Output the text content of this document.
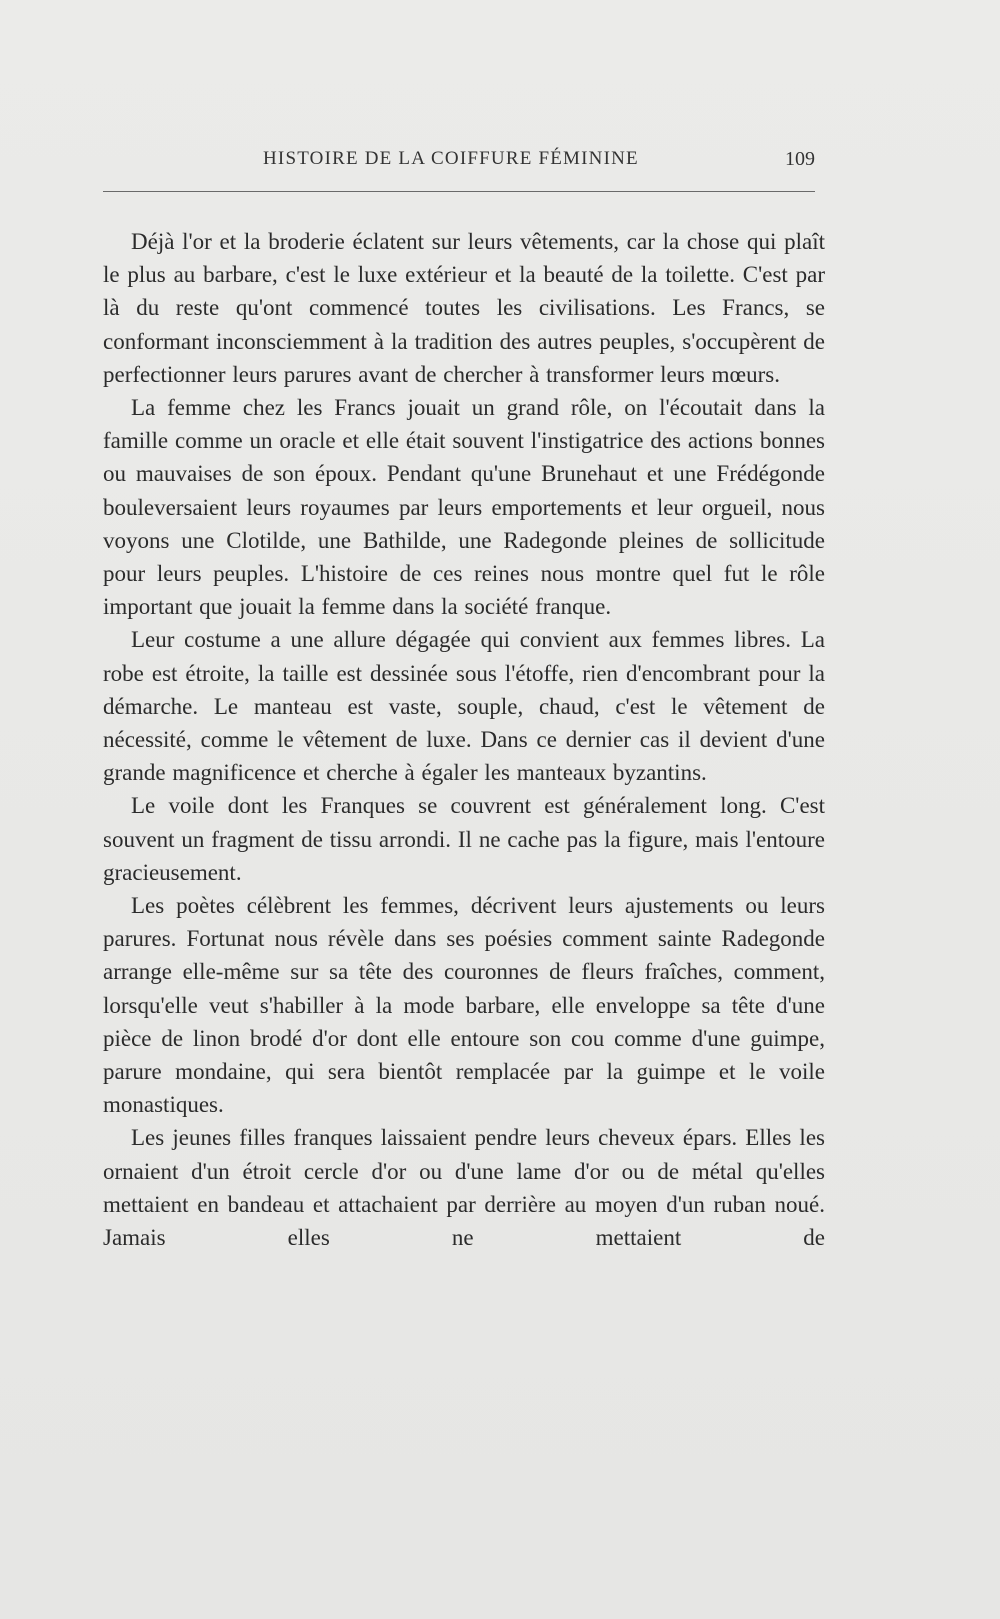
HISTOIRE DE LA COIFFURE FÉMININE	109

Déjà l'or et la broderie éclatent sur leurs vêtements, car la chose qui plaît le plus au barbare, c'est le luxe extérieur et la beauté de la toilette. C'est par là du reste qu'ont commencé toutes les civilisations. Les Francs, se conformant inconsciemment à la tradition des autres peuples, s'occupèrent de perfectionner leurs parures avant de chercher à transformer leurs mœurs.

La femme chez les Francs jouait un grand rôle, on l'écoutait dans la famille comme un oracle et elle était souvent l'instigatrice des actions bonnes ou mauvaises de son époux. Pendant qu'une Brunehaut et une Frédégonde bouleversaient leurs royaumes par leurs emportements et leur orgueil, nous voyons une Clotilde, une Bathilde, une Radegonde pleines de sollicitude pour leurs peuples. L'histoire de ces reines nous montre quel fut le rôle important que jouait la femme dans la société franque.

Leur costume a une allure dégagée qui convient aux femmes libres. La robe est étroite, la taille est dessinée sous l'étoffe, rien d'encombrant pour la démarche. Le manteau est vaste, souple, chaud, c'est le vêtement de nécessité, comme le vêtement de luxe. Dans ce dernier cas il devient d'une grande magnificence et cherche à égaler les manteaux byzantins.

Le voile dont les Franques se couvrent est généralement long. C'est souvent un fragment de tissu arrondi. Il ne cache pas la figure, mais l'entoure gracieusement.

Les poètes célèbrent les femmes, décrivent leurs ajustements ou leurs parures. Fortunat nous révèle dans ses poésies comment sainte Radegonde arrange elle-même sur sa tête des couronnes de fleurs fraîches, comment, lorsqu'elle veut s'habiller à la mode barbare, elle enveloppe sa tête d'une pièce de linon brodé d'or dont elle entoure son cou comme d'une guimpe, parure mondaine, qui sera bientôt remplacée par la guimpe et le voile monastiques.

Les jeunes filles franques laissaient pendre leurs cheveux épars. Elles les ornaient d'un étroit cercle d'or ou d'une lame d'or ou de métal qu'elles mettaient en bandeau et attachaient par derrière au moyen d'un ruban noué. Jamais elles ne mettaient de
